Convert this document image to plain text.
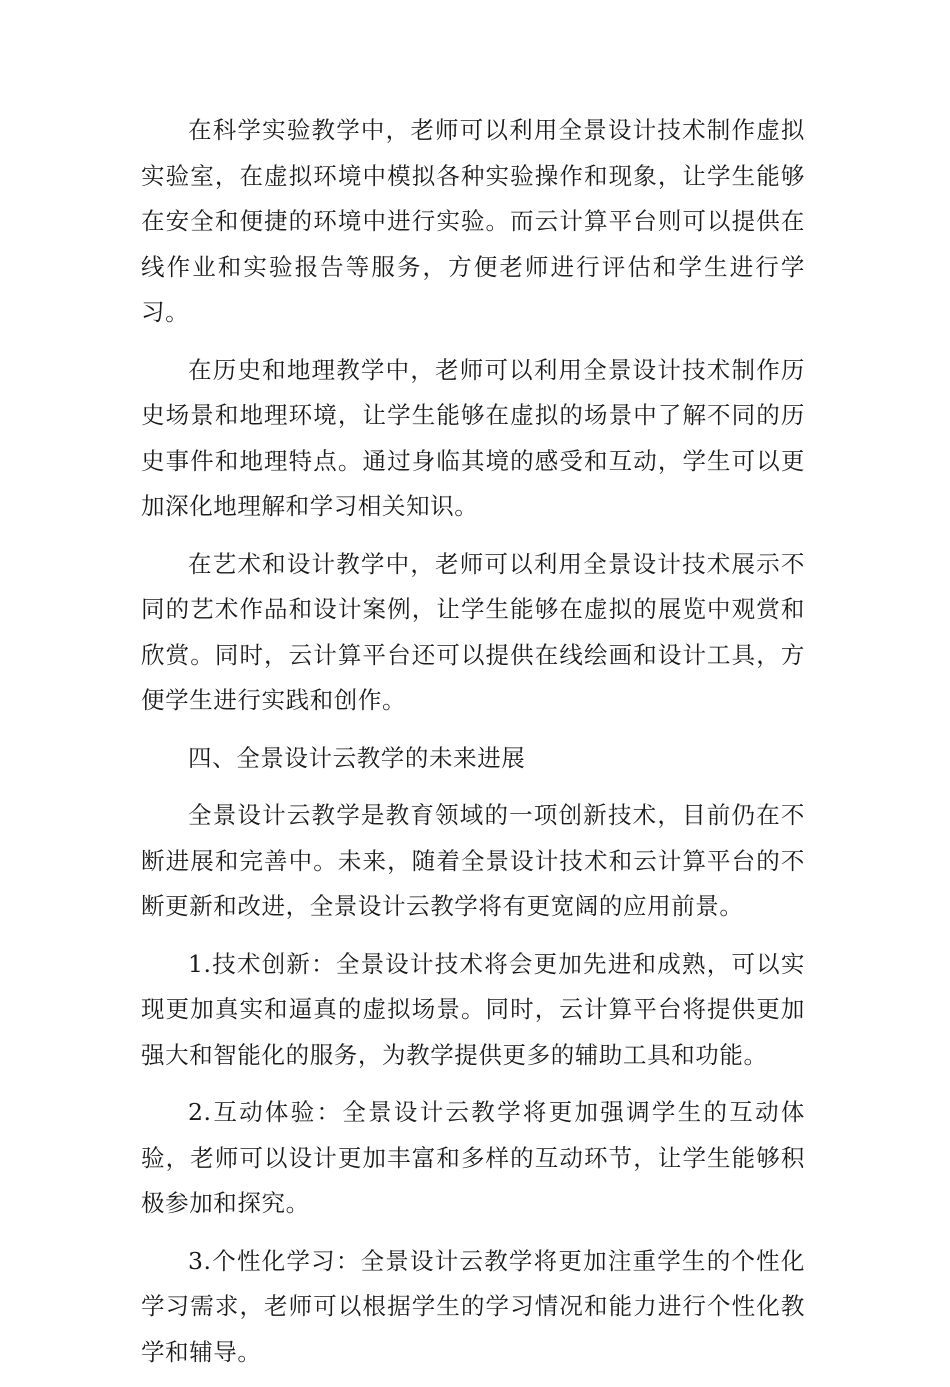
在科学实验教学中，老师可以利用全景设计技术制作虚拟实验室，在虚拟环境中模拟各种实验操作和现象，让学生能够在安全和便捷的环境中进行实验。而云计算平台则可以提供在线作业和实验报告等服务，方便老师进行评估和学生进行学习。

在历史和地理教学中，老师可以利用全景设计技术制作历史场景和地理环境，让学生能够在虚拟的场景中了解不同的历史事件和地理特点。通过身临其境的感受和互动，学生可以更加深化地理解和学习相关知识。

在艺术和设计教学中，老师可以利用全景设计技术展示不同的艺术作品和设计案例，让学生能够在虚拟的展览中观赏和欣赏。同时，云计算平台还可以提供在线绘画和设计工具，方便学生进行实践和创作。

四、全景设计云教学的未来进展

全景设计云教学是教育领域的一项创新技术，目前仍在不断进展和完善中。未来，随着全景设计技术和云计算平台的不断更新和改进，全景设计云教学将有更宽阔的应用前景。

1.技术创新：全景设计技术将会更加先进和成熟，可以实现更加真实和逼真的虚拟场景。同时，云计算平台将提供更加强大和智能化的服务，为教学提供更多的辅助工具和功能。

2.互动体验：全景设计云教学将更加强调学生的互动体验，老师可以设计更加丰富和多样的互动环节，让学生能够积极参加和探究。

3.个性化学习：全景设计云教学将更加注重学生的个性化学习需求，老师可以根据学生的学习情况和能力进行个性化教学和辅导。
